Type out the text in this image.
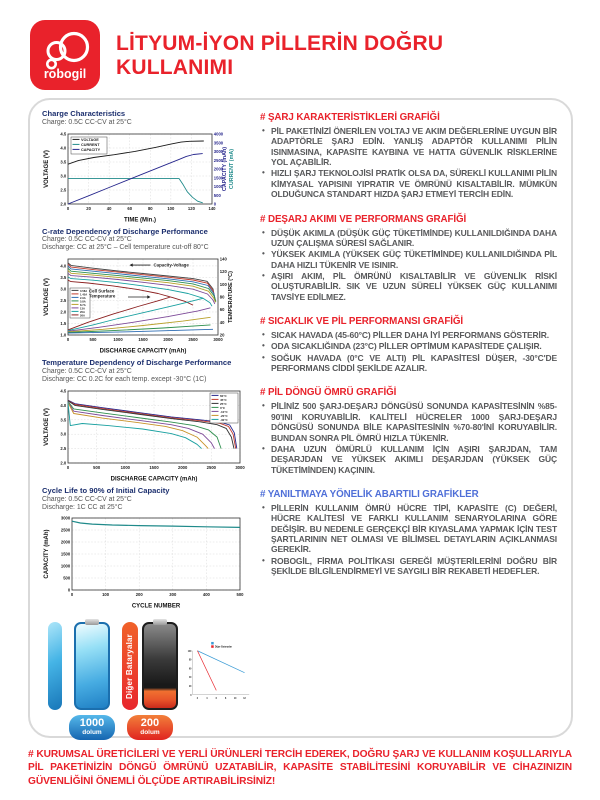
robogil
LİTYUM-İYON PİLLERİN DOĞRU KULLANIMI
Charge Characteristics
Charge: 0.5C CC-CV at 25°C
0	20	40	60	80	100	120	140
2.0
2.5
3.0
3.5
4.0
4.5
0
500
1000
1500
2000
2500
3000
3500
4000
TIME (Min.)
VOLTAGE (V)	CAPACITY (mAh) CURRENT (mA)
VOLTAGE
CURRENT
CAPACITY
C-rate Dependency of Discharge Performance
Charge: 0.5C CC-CV at 25°C
Discharge: CC at 25°C – Cell temperature cut-off 80°C
0	500	1000	1500	2000	2500	3000
1.0
1.5
2.0
2.5
3.0
3.5
4.0
20
40
60
80
100
120
140
DISCHARGE CAPACITY (mAh)
VOLTAGE (V)	TEMPERATURE (°C)
0.58A
1.45A
2.9A
5.8A
8.7A
13A
20A
26A
Capacity-Voltage
Cell Surface
Temperature
Temperature Dependency of Discharge Performance
Charge: 0.5C CC-CV at 25°C
Discharge: CC 0.2C for each temp. except -30°C (1C)
0	500	1000	1500	2000	2500	3000
2.0
2.5
3.0
3.5
4.0
4.5
DISCHARGE CAPACITY (mAh)
VOLTAGE (V)
60°C
45°C
25°C
0°C
-10°C
-20°C
-30°C
Cycle Life to 90% of Initial Capacity
Charge: 0.5C CC-CV at 25°C
Discharge: 1C CC at 25°C
0	100	200	300	400	500
0
500
1000
1500
2000
2500
3000
CYCLE NUMBER
CAPACITY (mAh)
1000
dolum
Diğer Bataryalar
200
dolum
2	4	6	8 10 12
0
20
40
60
80
100
Diğer Bataryalar
# ŞARJ KARAKTERİSTİKLERİ GRAFİĞİ
• PİL PAKETİNİZİ ÖNERİLEN VOLTAJ VE AKIM DEĞERLERİNE UYGUN BİR ADAPTÖRLE ŞARJ EDİN. YANLIŞ ADAPTÖR KULLANIMI PİLİN ISINMASINA, KAPASİTE KAYBINA VE HATTA GÜVENLİK RİSKLERİNE YOL AÇABİLİR.
• HIZLI ŞARJ TEKNOLOJİSİ PRATİK OLSA DA, SÜREKLİ KULLANIMI PİLİN KİMYASAL YAPISINI YIPRATIR VE ÖMRÜNÜ KISALTABİLİR. MÜMKÜN OLDUĞUNCA STANDART HIZDA ŞARJ ETMEYİ TERCİH EDİN.
# DEŞARJ AKIMI VE PERFORMANS GRAFİĞİ
• DÜŞÜK AKIMLA (DÜŞÜK GÜÇ TÜKETİMİNDE) KULLANILDIĞINDA DAHA UZUN ÇALIŞMA SÜRESİ SAĞLANIR.
• YÜKSEK AKIMLA (YÜKSEK GÜÇ TÜKETİMİNDE) KULLANILDIĞINDA PİL DAHA HIZLI TÜKENİR VE ISINIR.
• AŞIRI AKIM, PİL ÖMRÜNÜ KISALTABİLİR VE GÜVENLİK RİSKİ OLUŞTURABİLİR. SIK VE UZUN SÜRELİ YÜKSEK GÜÇ KULLANIMI TAVSİYE EDİLMEZ.
# SICAKLIK VE PİL PERFORMANSI GRAFİĞİ
• SICAK HAVADA (45-60°C) PİLLER DAHA İYİ PERFORMANS GÖSTERİR.
• ODA SICAKLIĞINDA (23°C) PİLLER OPTİMUM KAPASİTEDE ÇALIŞIR.
• SOĞUK HAVADA (0°C VE ALTI) PİL KAPASİTESİ DÜŞER, -30°C'DE PERFORMANS CİDDİ ŞEKİLDE AZALIR.
# PİL DÖNGÜ ÖMRÜ GRAFİĞİ
• PİLİNİZ 500 ŞARJ-DEŞARJ DÖNGÜSÜ SONUNDA KAPASİTESİNİN %85-90'INI KORUYABİLİR. KALİTELİ HÜCRELER 1000 ŞARJ-DEŞARJ DÖNGÜSÜ SONUNDA BİLE KAPASİTESİNİN %70-80'İNİ KORUYABİLİR. BUNDAN SONRA PİL ÖMRÜ HIZLA TÜKENİR.
• DAHA UZUN ÖMÜRLÜ KULLANIM İÇİN AŞIRI ŞARJDAN, TAM DEŞARJDAN VE YÜKSEK AKIMLI DEŞARJDAN (YÜKSEK GÜÇ TÜKETİMİNDEN) KAÇININ.
# YANILTMAYA YÖNELİK ABARTILI GRAFİKLER
• PİLLERİN KULLANIM ÖMRÜ HÜCRE TİPİ, KAPASİTE (C) DEĞERİ, HÜCRE KALİTESİ VE FARKLI KULLANIM SENARYOLARINA GÖRE DEĞİŞİR. BU NEDENLE GERÇEKÇİ BİR KIYASLAMA YAPMAK İÇİN TEST ŞARTLARININ NET OLMASI VE BİLİMSEL DETAYLARIN AÇIKLANMASI GEREKİR.
• ROBOGİL, FİRMA POLİTİKASI GEREĞİ MÜŞTERİLERİNİ DOĞRU BİR ŞEKİLDE BİLGİLENDİRMEYİ VE SAYGILI BİR REKABETİ HEDEFLER.

# KURUMSAL ÜRETİCİLERİ VE YERLİ ÜRÜNLERİ TERCİH EDEREK, DOĞRU ŞARJ VE KULLANIM KOŞULLARIYLA PİL PAKETİNİZİN DÖNGÜ ÖMRÜNÜ UZATABİLİR, KAPASİTE STABİLİTESİNİ KORUYABİLİR VE CİHAZINIZIN GÜVENLİĞİNİ ÖNEMLİ ÖLÇÜDE ARTIRABİLİRSİNİZ!
